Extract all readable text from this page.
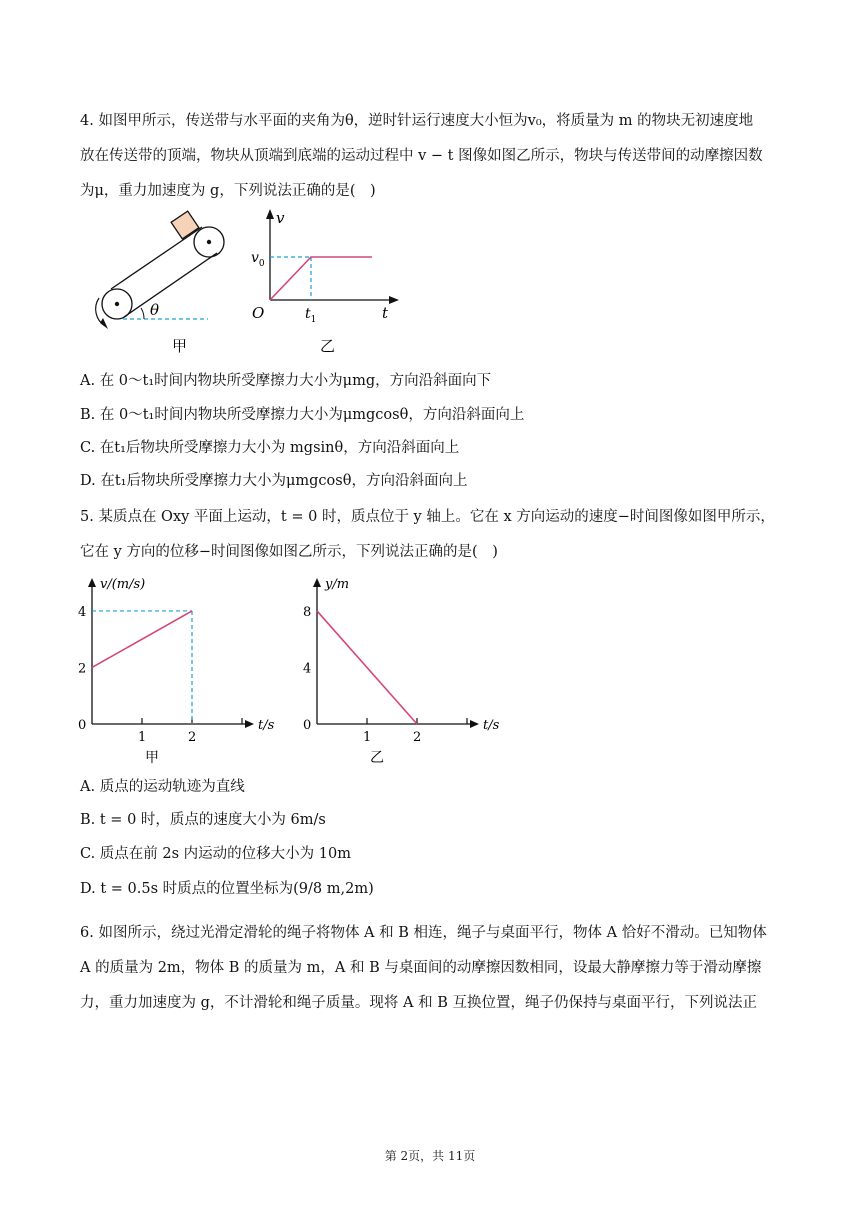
4. 如图甲所示，传送带与水平面的夹角为θ，逆时针运行速度大小恒为v₀，将质量为 m 的物块无初速度地

放在传送带的顶端，物块从顶端到底端的运动过程中 v − t 图像如图乙所示，物块与传送带间的动摩擦因数

为μ，重力加速度为 g，下列说法正确的是(　)

θ
甲
v
$v_0$
O	$t_1$	t
乙
A. 在 0～t₁时间内物块所受摩擦力大小为μmg，方向沿斜面向下
B. 在 0～t₁时间内物块所受摩擦力大小为μmgcosθ，方向沿斜面向上
C. 在t₁后物块所受摩擦力大小为 mgsinθ，方向沿斜面向上
D. 在t₁后物块所受摩擦力大小为μmgcosθ，方向沿斜面向上

5. 某质点在 Oxy 平面上运动，t = 0 时，质点位于 y 轴上。它在 x 方向运动的速度−时间图像如图甲所示，

它在 y 方向的位移−时间图像如图乙所示，下列说法正确的是(　)

1	2
0
2
4
v/(m/s)
t/s
甲
1	2
0
4
8
y/m
t/s
乙
A. 质点的运动轨迹为直线
B. t = 0 时，质点的速度大小为 6m/s
C. 质点在前 2s 内运动的位移大小为 10m
D. t = 0.5s 时质点的位置坐标为(9/8 m,2m)

6. 如图所示，绕过光滑定滑轮的绳子将物体 A 和 B 相连，绳子与桌面平行，物体 A 恰好不滑动。已知物体

A 的质量为 2m，物体 B 的质量为 m，A 和 B 与桌面间的动摩擦因数相同，设最大静摩擦力等于滑动摩擦

力，重力加速度为 g，不计滑轮和绳子质量。现将 A 和 B 互换位置，绳子仍保持与桌面平行，下列说法正

第 2页，共 11页
